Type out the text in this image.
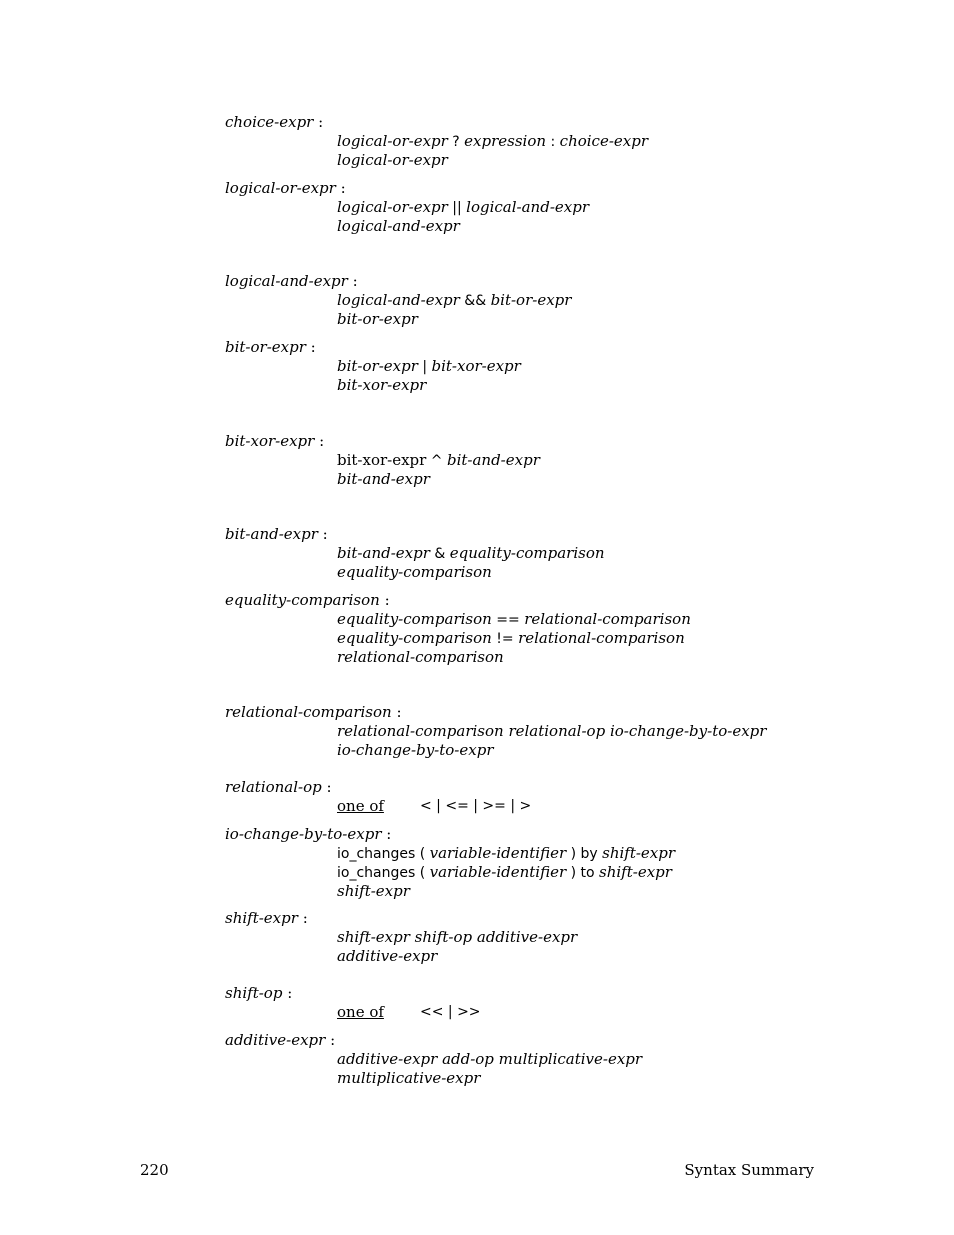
choice-expr :
logical-or-expr ? expression : choice-expr
logical-or-expr
logical-or-expr :
logical-or-expr || logical-and-expr
logical-and-expr
logical-and-expr :
logical-and-expr && bit-or-expr
bit-or-expr
bit-or-expr :
bit-or-expr | bit-xor-expr
bit-xor-expr
bit-xor-expr :
bit-xor-expr ^ bit-and-expr
bit-and-expr
bit-and-expr :
bit-and-expr & equality-comparison
equality-comparison
equality-comparison :
equality-comparison == relational-comparison
equality-comparison != relational-comparison
relational-comparison
relational-comparison :
relational-comparison relational-op io-change-by-to-expr
io-change-by-to-expr
relational-op :
one of	< | <= | >= | >
io-change-by-to-expr :
io_changes ( variable-identifier ) by shift-expr
io_changes ( variable-identifier ) to shift-expr
shift-expr
shift-expr :
shift-expr shift-op additive-expr
additive-expr
shift-op :
one of	<< | >>
additive-expr :
additive-expr add-op multiplicative-expr
multiplicative-expr
220	Syntax Summary
